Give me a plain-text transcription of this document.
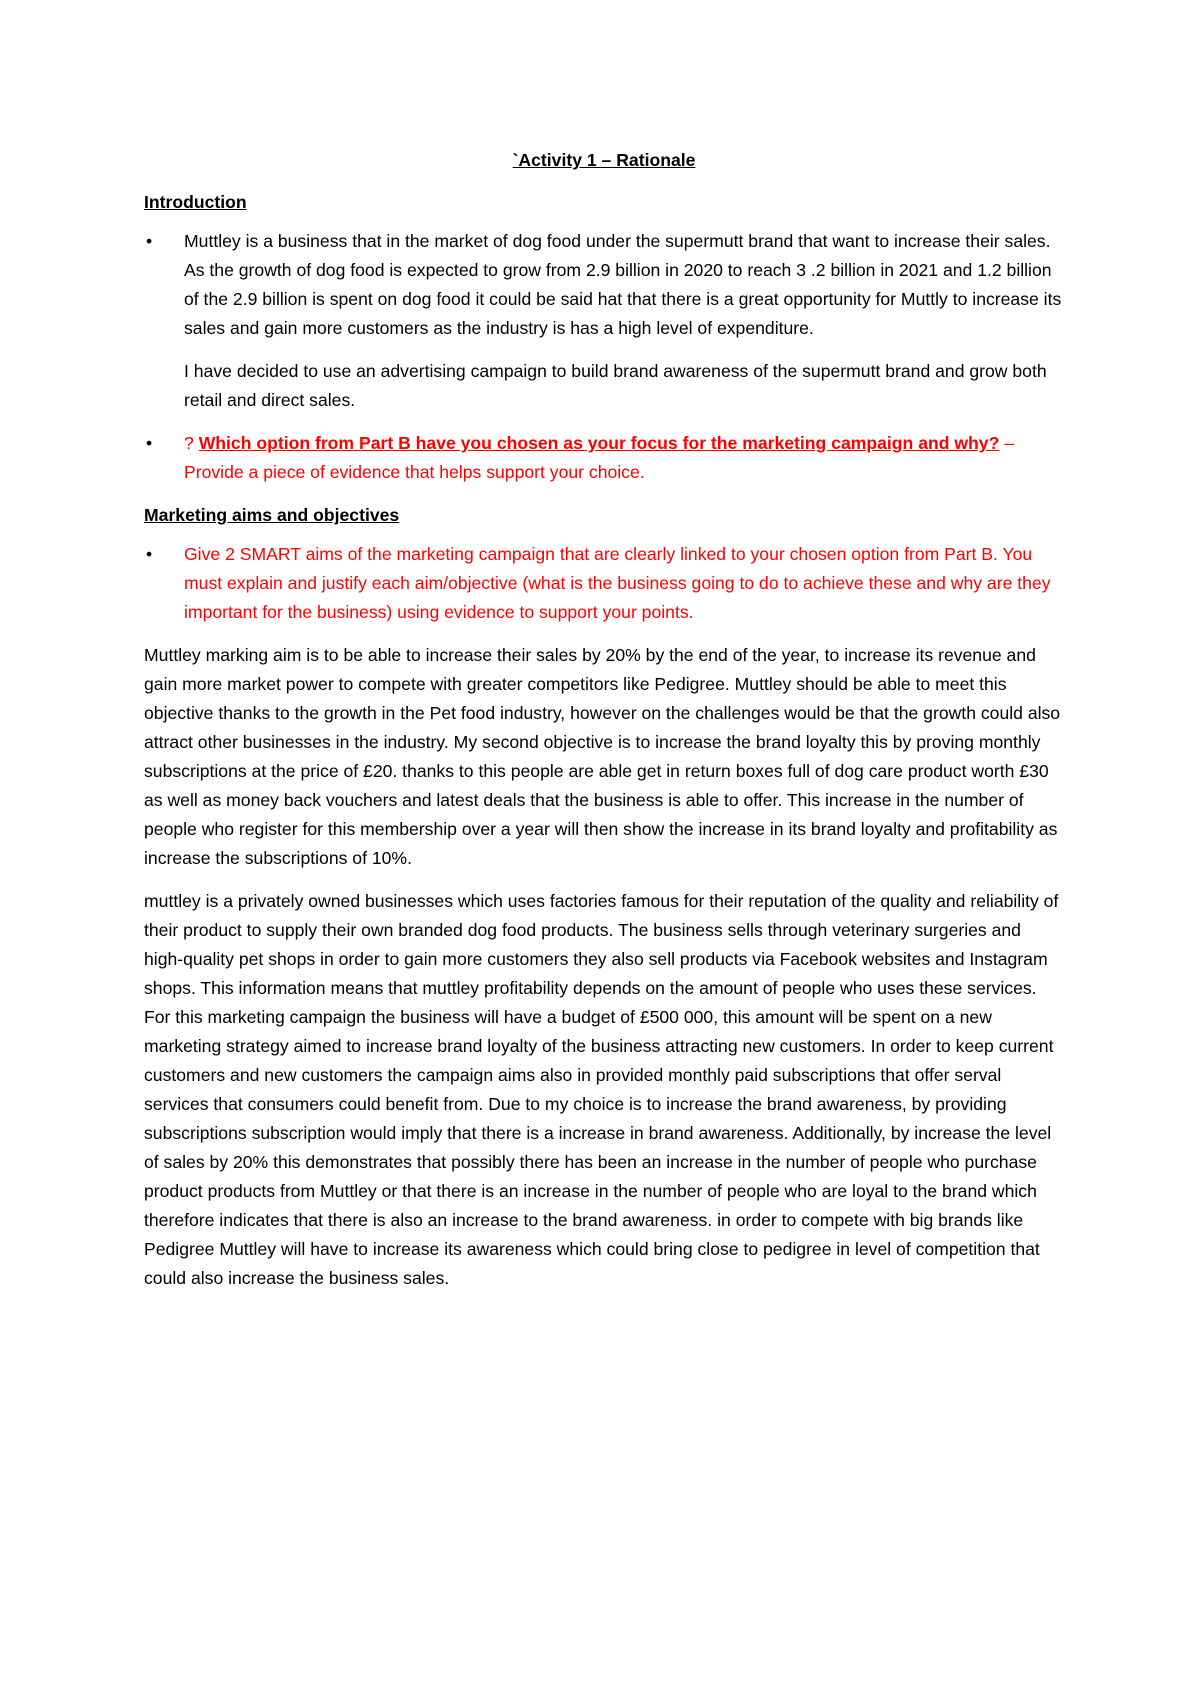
`Activity 1 – Rationale
Introduction
• Muttley is a business that in the market of dog food under the supermutt brand that want to increase their sales. As the growth of dog food is expected to grow from 2.9 billion in 2020 to reach 3 .2 billion in 2021 and 1.2 billion of the 2.9 billion is spent on dog food it could be said hat that there is a great opportunity for Muttly to increase its sales and gain more customers as the industry is has a high level of expenditure.

I have decided to use an advertising campaign to build brand awareness of the supermutt brand and grow both retail and direct sales.

• ? Which option from Part B have you chosen as your focus for the marketing campaign and why? – Provide a piece of evidence that helps support your choice.

Marketing aims and objectives
• Give 2 SMART aims of the marketing campaign that are clearly linked to your chosen option from Part B. You must explain and justify each aim/objective (what is the business going to do to achieve these and why are they important for the business) using evidence to support your points.

Muttley marking aim is to be able to increase their sales by 20% by the end of the year, to increase its revenue and gain more market power to compete with greater competitors like Pedigree. Muttley should be able to meet this objective thanks to the growth in the Pet food industry, however on the challenges would be that the growth could also attract other businesses in the industry. My second objective is to increase the brand loyalty this by proving monthly subscriptions at the price of £20. thanks to this people are able get in return boxes full of dog care product worth £30 as well as money back vouchers and latest deals that the business is able to offer. This increase in the number of people who register for this membership over a year will then show the increase in its brand loyalty and profitability as increase the subscriptions of 10%.

muttley is a privately owned businesses which uses factories famous for their reputation of the quality and reliability of their product to supply their own branded dog food products. The business sells through veterinary surgeries and high-quality pet shops in order to gain more customers they also sell products via Facebook websites and Instagram shops. This information means that muttley profitability depends on the amount of people who uses these services. For this marketing campaign the business will have a budget of £500 000, this amount will be spent on a new marketing strategy aimed to increase brand loyalty of the business attracting new customers. In order to keep current customers and new customers the campaign aims also in provided monthly paid subscriptions that offer serval services that consumers could benefit from. Due to my choice is to increase the brand awareness, by providing subscriptions subscription would imply that there is a increase in brand awareness. Additionally, by increase the level of sales by 20% this demonstrates that possibly there has been an increase in the number of people who purchase product products from Muttley or that there is an increase in the number of people who are loyal to the brand which therefore indicates that there is also an increase to the brand awareness. in order to compete with big brands like Pedigree Muttley will have to increase its awareness which could bring close to pedigree in level of competition that could also increase the business sales.
